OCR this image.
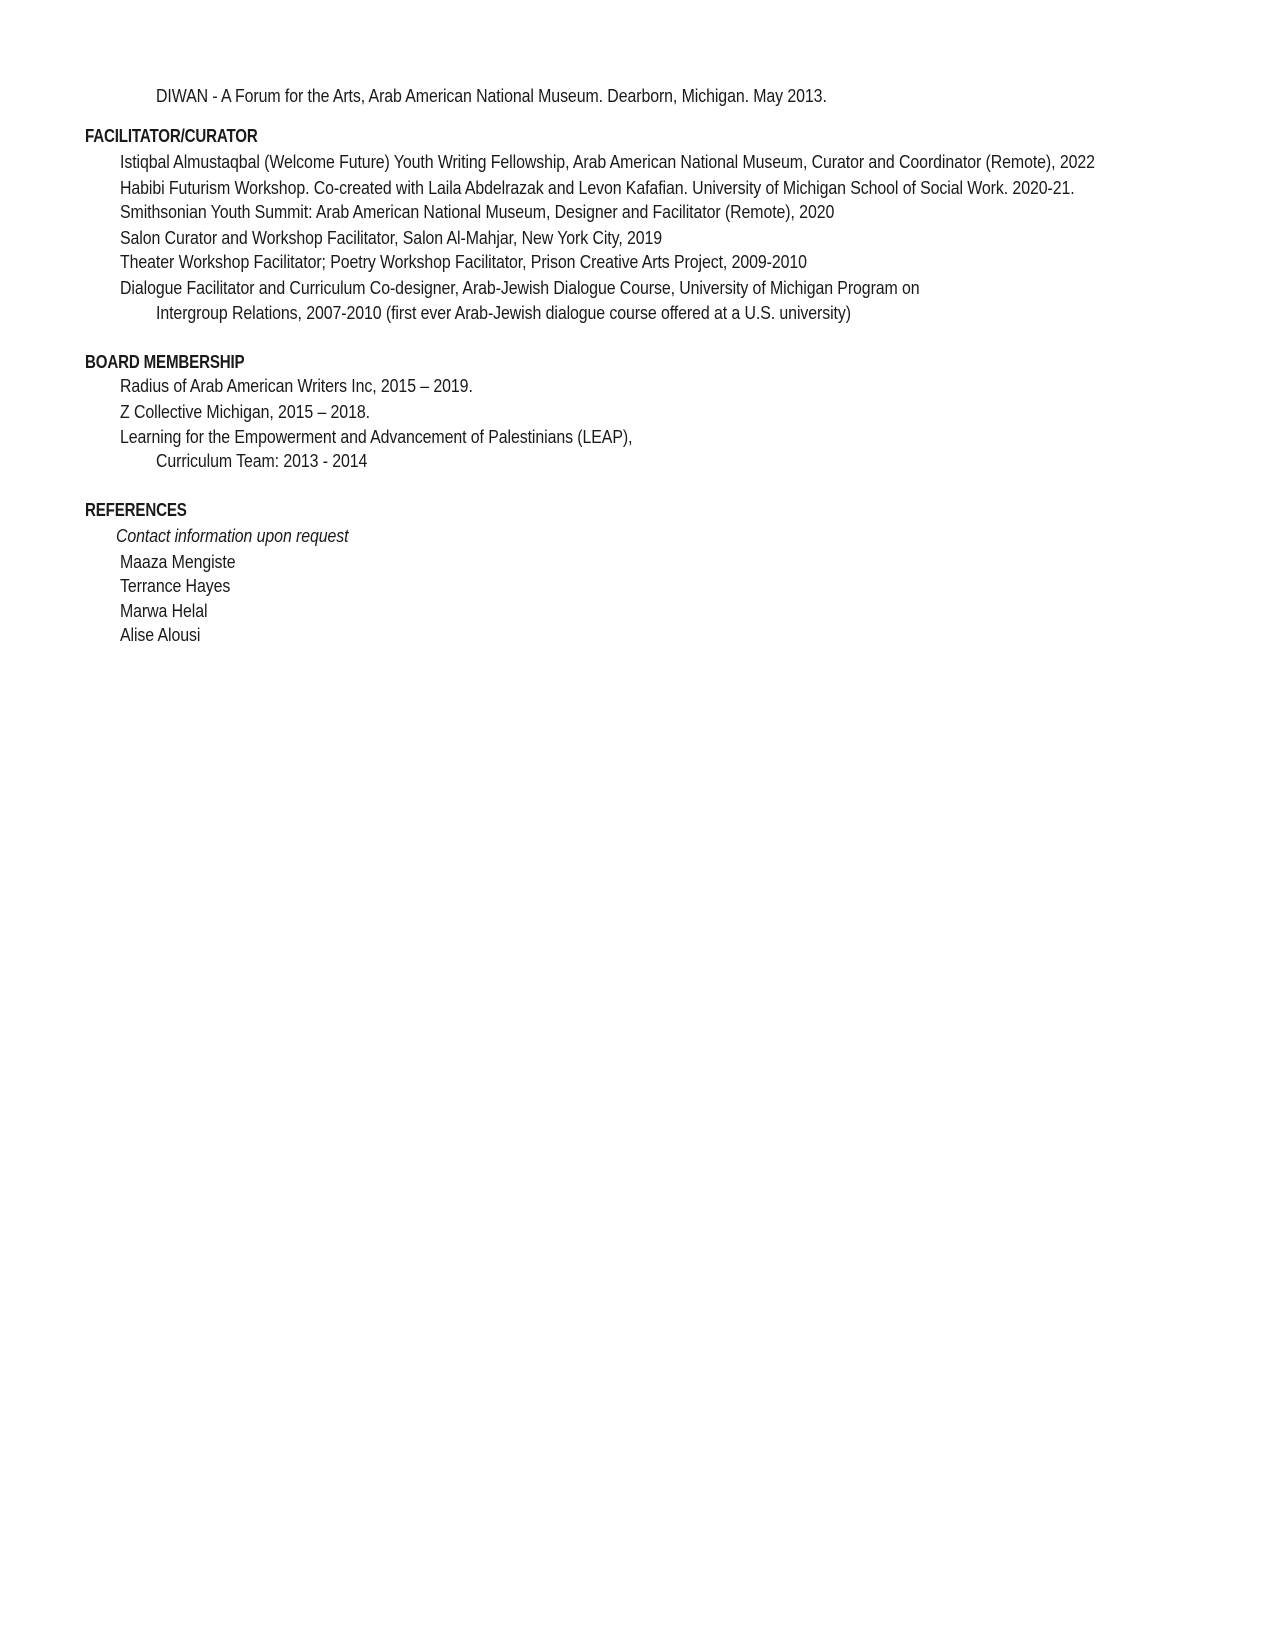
DIWAN - A Forum for the Arts, Arab American National Museum. Dearborn, Michigan. May 2013.
FACILITATOR/CURATOR
Istiqbal Almustaqbal (Welcome Future) Youth Writing Fellowship, Arab American National Museum, Curator and Coordinator (Remote), 2022
Habibi Futurism Workshop. Co-created with Laila Abdelrazak and Levon Kafafian. University of Michigan School of Social Work. 2020-21.
Smithsonian Youth Summit: Arab American National Museum, Designer and Facilitator (Remote), 2020
Salon Curator and Workshop Facilitator, Salon Al-Mahjar, New York City, 2019
Theater Workshop Facilitator; Poetry Workshop Facilitator, Prison Creative Arts Project, 2009-2010
Dialogue Facilitator and Curriculum Co-designer, Arab-Jewish Dialogue Course, University of Michigan Program on
Intergroup Relations, 2007-2010 (first ever Arab-Jewish dialogue course offered at a U.S. university)
BOARD MEMBERSHIP
Radius of Arab American Writers Inc, 2015 – 2019.
Z Collective Michigan, 2015 – 2018.
Learning for the Empowerment and Advancement of Palestinians (LEAP),
Curriculum Team: 2013 - 2014
REFERENCES
Contact information upon request
Maaza Mengiste
Terrance Hayes
Marwa Helal
Alise Alousi
